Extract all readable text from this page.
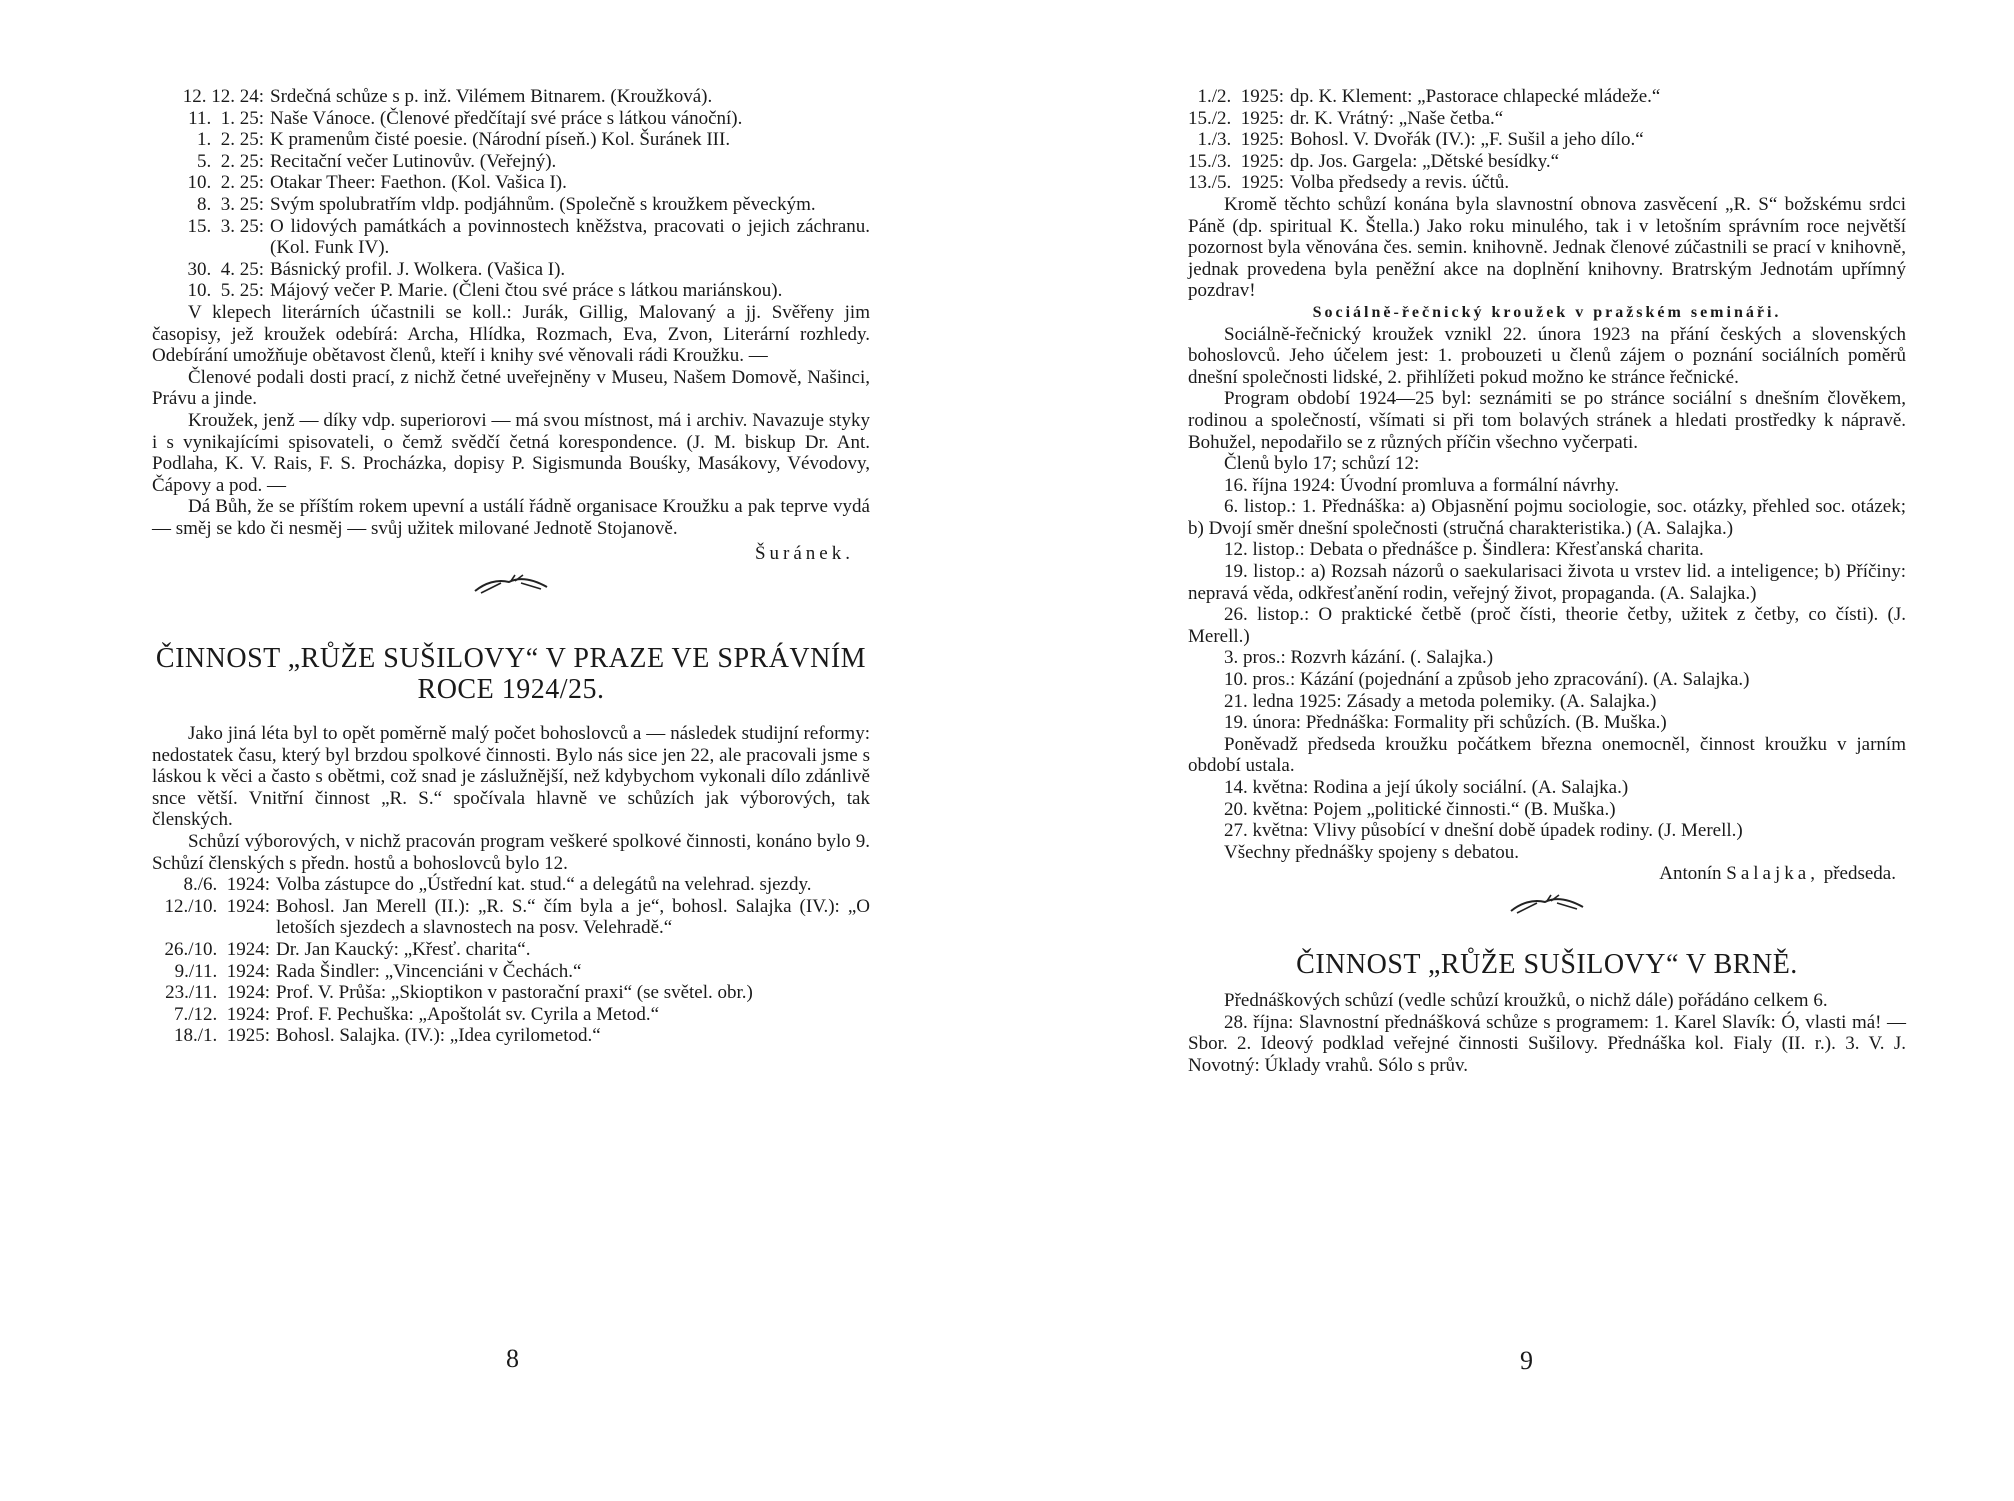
12. 12. 24: Srdečná schůze s p. inž. Vilémem Bitnarem. (Kroužková).
11.  1. 25: Naše Vánoce. (Členové předčítají své práce s látkou vánoční).
1.  2. 25: K pramenům čisté poesie. (Národní píseň.) Kol. Šuránek III.
5.  2. 25: Recitační večer Lutinovův. (Veřejný).
10.  2. 25: Otakar Theer: Faethon. (Kol. Vašica I).
8.  3. 25: Svým spolubratřím vldp. podjáhnům. (Společně s kroužkem pěveckým.
15.  3. 25: O lidových památkách a povinnostech kněžstva, pracovati o jejich záchranu. (Kol. Funk IV).
30.  4. 25: Básnický profil. J. Wolkera. (Vašica I).
10.  5. 25: Májový večer P. Marie. (Členi čtou své práce s látkou mariánskou).

V klepech literárních účastnili se koll.: Jurák, Gillig, Malovaný a jj. Svěřeny jim časopisy, jež kroužek odebírá: Archa, Hlídka, Rozmach, Eva, Zvon, Literární rozhledy. Odebírání umožňuje obětavost členů, kteří i knihy své věnovali rádi Kroužku. —

Členové podali dosti prací, z nichž četné uveřejněny v Museu, Našem Domově, Našinci, Právu a jinde.

Kroužek, jenž — díky vdp. superiorovi — má svou místnost, má i archiv. Navazuje styky i s vynikajícími spisovateli, o čemž svědčí četná korespondence. (J. M. biskup Dr. Ant. Podlaha, K. V. Rais, F. S. Procházka, dopisy P. Sigismunda Bouśky, Masákovy, Vévodovy, Čápovy a pod. —

Dá Bůh, že se příštím rokem upevní a ustálí řádně organisace Kroužku a pak teprve vydá — směj se kdo či nesměj — svůj užitek milované Jednotě Stojanově.

Šuránek.
ČINNOST „RŮŽE SUŠILOVY“ V PRAZE VE SPRÁVNÍM ROCE 1924/25.

Jako jiná léta byl to opět poměrně malý počet bohoslovců a — následek studijní reformy: nedostatek času, který byl brzdou spolkové činnosti. Bylo nás sice jen 22, ale pracovali jsme s láskou k věci a často s obětmi, což snad je záslužnější, než kdybychom vykonali dílo zdánlivě snce větší. Vnitřní činnost „R. S.“ spočívala hlavně ve schůzích jak výborových, tak členských.

Schůzí výborových, v nichž pracován program veškeré spolkové činnosti, konáno bylo 9. Schůzí členských s předn. hostů a bohoslovců bylo 12.

8./6.  1924: Volba zástupce do „Ústřední kat. stud.“ a delegátů na velehrad. sjezdy.
12./10.  1924: Bohosl. Jan Merell (II.): „R. S.“ čím byla a je“, bohosl. Salajka (IV.): „O letoších sjezdech a slavnostech na posv. Velehradě.“
26./10.  1924: Dr. Jan Kaucký: „Křesť. charita“.
9./11.  1924: Rada Šindler: „Vincenciáni v Čechách.“
23./11.  1924: Prof. V. Průša: „Skioptikon v pastorační praxi“ (se světel. obr.)
7./12.  1924: Prof. F. Pechuška: „Apoštolát sv. Cyrila a Metod.“
18./1.  1925: Bohosl. Salajka. (IV.): „Idea cyrilometod.“
8
1./2.  1925: dp. K. Klement: „Pastorace chlapecké mládeže.“
15./2.  1925: dr. K. Vrátný: „Naše četba.“
1./3.  1925: Bohosl. V. Dvořák (IV.): „F. Sušil a jeho dílo.“
15./3.  1925: dp. Jos. Gargela: „Dětské besídky.“
13./5.  1925: Volba předsedy a revis. účtů.

Kromě těchto schůzí konána byla slavnostní obnova zasvěcení „R. S“ božskému srdci Páně (dp. spiritual K. Štella.) Jako roku minulého, tak i v letošním správním roce největší pozornost byla věnována čes. semin. knihovně. Jednak členové zúčastnili se prací v knihovně, jednak provedena byla peněžní akce na doplnění knihovny. Bratrským Jednotám upřímný pozdrav!

Sociálně-řečnický kroužek v pražském semináři.

Sociálně-řečnický kroužek vznikl 22. února 1923 na přání českých a slovenských bohoslovců. Jeho účelem jest: 1. probouzeti u členů zájem o poznání sociálních poměrů dnešní společnosti lidské, 2. přihlížeti pokud možno ke stránce řečnické.

Program období 1924—25 byl: seznámiti se po stránce sociální s dnešním člověkem, rodinou a společností, všímati si při tom bolavých stránek a hledati prostředky k nápravě. Bohužel, nepodařilo se z různých příčin všechno vyčerpati.

Členů bylo 17; schůzí 12:

16. října 1924: Úvodní promluva a formální návrhy.

6. listop.: 1. Přednáška: a) Objasnění pojmu sociologie, soc. otázky, přehled soc. otázek; b) Dvojí směr dnešní společnosti (stručná charakteristika.) (A. Salajka.)

12. listop.: Debata o přednášce p. Šindlera: Křesťanská charita.

19. listop.: a) Rozsah názorů o saekularisaci života u vrstev lid. a inteligence; b) Příčiny: nepravá věda, odkřesťanění rodin, veřejný život, propaganda. (A. Salajka.)

26. listop.: O praktické četbě (proč čísti, theorie četby, užitek z četby, co čísti). (J. Merell.)

3. pros.: Rozvrh kázání. (. Salajka.)

10. pros.: Kázání (pojednání a způsob jeho zpracování). (A. Salajka.)

21. ledna 1925: Zásady a metoda polemiky. (A. Salajka.)

19. února: Přednáška: Formality při schůzích. (B. Muška.)

Poněvadž předseda kroužku počátkem března onemocněl, činnost kroužku v jarním období ustala.

14. května: Rodina a její úkoly sociální. (A. Salajka.)

20. května: Pojem „politické činnosti.“ (B. Muška.)

27. května: Vlivy působící v dnešní době úpadek rodiny. (J. Merell.)

Všechny přednášky spojeny s debatou.

Antonín Salajka, předseda.
ČINNOST „RŮŽE SUŠILOVY“ V BRNĚ.

Přednáškových schůzí (vedle schůzí kroužků, o nichž dále) pořádáno celkem 6.

28. října: Slavnostní přednášková schůze s programem: 1. Karel Slavík: Ó, vlasti má! — Sbor. 2. Ideový podklad veřejné činnosti Sušilovy. Přednáška kol. Fialy (II. r.). 3. V. J. Novotný: Úklady vrahů. Sólo s prův.

9
